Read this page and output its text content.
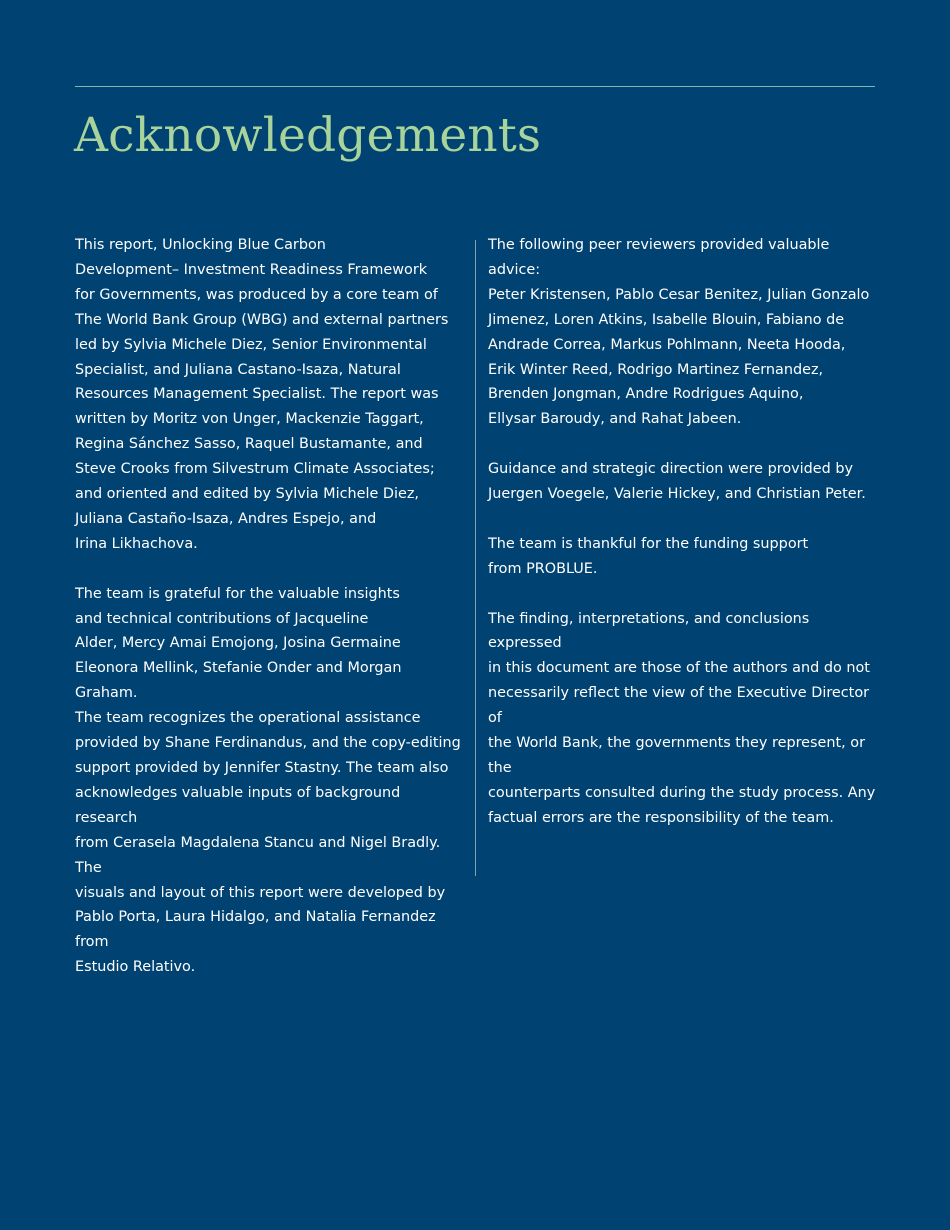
Acknowledgements

This report, Unlocking Blue Carbon
Development– Investment Readiness Framework
for Governments, was produced by a core team of
The World Bank Group (WBG) and external partners
led by Sylvia Michele Diez, Senior Environmental
Specialist, and Juliana Castano-Isaza, Natural
Resources Management Specialist. The report was
written by Moritz von Unger, Mackenzie Taggart,
Regina Sánchez Sasso, Raquel Bustamante, and
Steve Crooks from Silvestrum Climate Associates;
and oriented and edited by Sylvia Michele Diez,
Juliana Castaño-Isaza, Andres Espejo, and
Irina Likhachova.

The team is grateful for the valuable insights
and technical contributions of Jacqueline
Alder, Mercy Amai Emojong, Josina Germaine
Eleonora Mellink, Stefanie Onder and Morgan Graham.
The team recognizes the operational assistance
provided by Shane Ferdinandus, and the copy-editing
support provided by Jennifer Stastny. The team also
acknowledges valuable inputs of background research
from Cerasela Magdalena Stancu and Nigel Bradly. The
visuals and layout of this report were developed by
Pablo Porta, Laura Hidalgo, and Natalia Fernandez from
Estudio Relativo.

The following peer reviewers provided valuable advice:
Peter Kristensen, Pablo Cesar Benitez, Julian Gonzalo
Jimenez, Loren Atkins, Isabelle Blouin, Fabiano de
Andrade Correa, Markus Pohlmann, Neeta Hooda,
Erik Winter Reed, Rodrigo Martinez Fernandez,
Brenden Jongman, Andre Rodrigues Aquino,
Ellysar Baroudy, and Rahat Jabeen.

Guidance and strategic direction were provided by
Juergen Voegele, Valerie Hickey, and Christian Peter.

The team is thankful for the funding support
from PROBLUE.

The finding, interpretations, and conclusions expressed
in this document are those of the authors and do not
necessarily reflect the view of the Executive Director of
the World Bank, the governments they represent, or the
counterparts consulted during the study process. Any
factual errors are the responsibility of the team.
